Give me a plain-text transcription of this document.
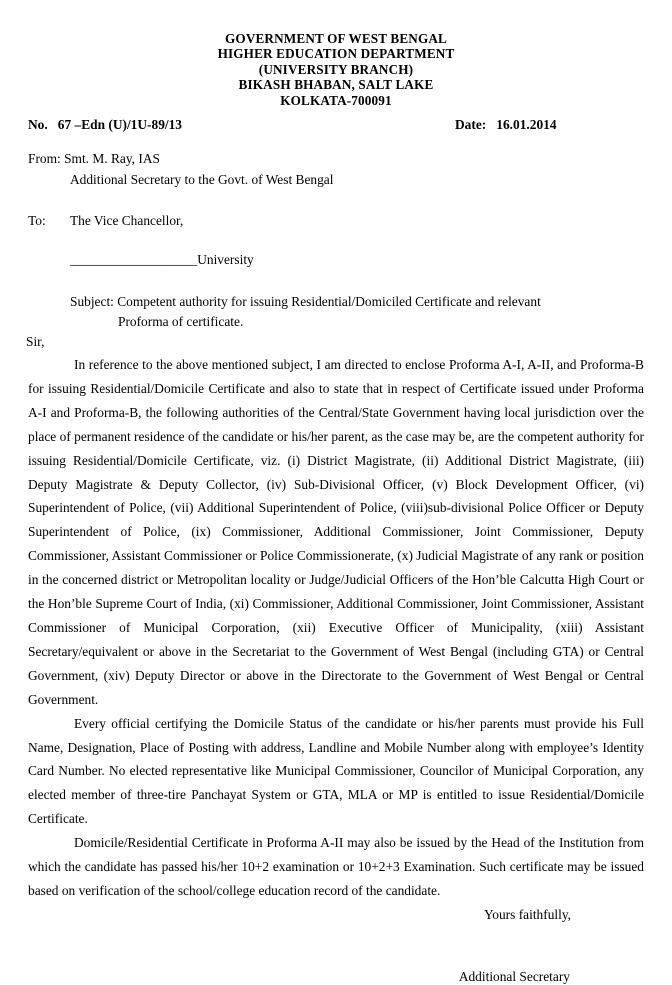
GOVERNMENT OF WEST BENGAL
HIGHER EDUCATION DEPARTMENT
(UNIVERSITY BRANCH)
BIKASH BHABAN, SALT LAKE
KOLKATA-700091
No.   67 –Edn (U)/1U-89/13	Date:   16.01.2014
From: Smt. M. Ray, IAS
Additional Secretary to the Govt. of West Bengal
To: The Vice Chancellor,
___________________University
Subject: Competent authority for issuing Residential/Domiciled Certificate and relevant
Proforma of certificate.
Sir,

In reference to the above mentioned subject, I am directed to enclose Proforma A-I, A-II, and Proforma-B for issuing Residential/Domicile Certificate and also to state that in respect of Certificate issued under Proforma A-I and Proforma-B, the following authorities of the Central/State Government having local jurisdiction over the place of permanent residence of the candidate or his/her parent, as the case may be, are the competent authority for issuing Residential/Domicile Certificate, viz. (i) District Magistrate, (ii) Additional District Magistrate, (iii) Deputy Magistrate & Deputy Collector, (iv) Sub-Divisional Officer, (v) Block Development Officer, (vi) Superintendent of Police, (vii) Additional Superintendent of Police, (viii)sub-divisional Police Officer or Deputy Superintendent of Police, (ix) Commissioner, Additional Commissioner, Joint Commissioner, Deputy Commissioner, Assistant Commissioner or Police Commissionerate, (x) Judicial Magistrate of any rank or position in the concerned district or Metropolitan locality or Judge/Judicial Officers of the Hon’ble Calcutta High Court or the Hon’ble Supreme Court of India, (xi) Commissioner, Additional Commissioner, Joint Commissioner, Assistant Commissioner of Municipal Corporation, (xii) Executive Officer of Municipality, (xiii) Assistant Secretary/equivalent or above in the Secretariat to the Government of West Bengal (including GTA) or Central Government, (xiv) Deputy Director or above in the Directorate to the Government of West Bengal or Central Government.

Every official certifying the Domicile Status of the candidate or his/her parents must provide his Full Name, Designation, Place of Posting with address, Landline and Mobile Number along with employee’s Identity Card Number. No elected representative like Municipal Commissioner, Councilor of Municipal Corporation, any elected member of three-tire Panchayat System or GTA, MLA or MP is entitled to issue Residential/Domicile Certificate.

Domicile/Residential Certificate in Proforma A-II may also be issued by the Head of the Institution from which the candidate has passed his/her 10+2 examination or 10+2+3 Examination. Such certificate may be issued based on verification of the school/college education record of the candidate.

Yours faithfully,
Additional Secretary
